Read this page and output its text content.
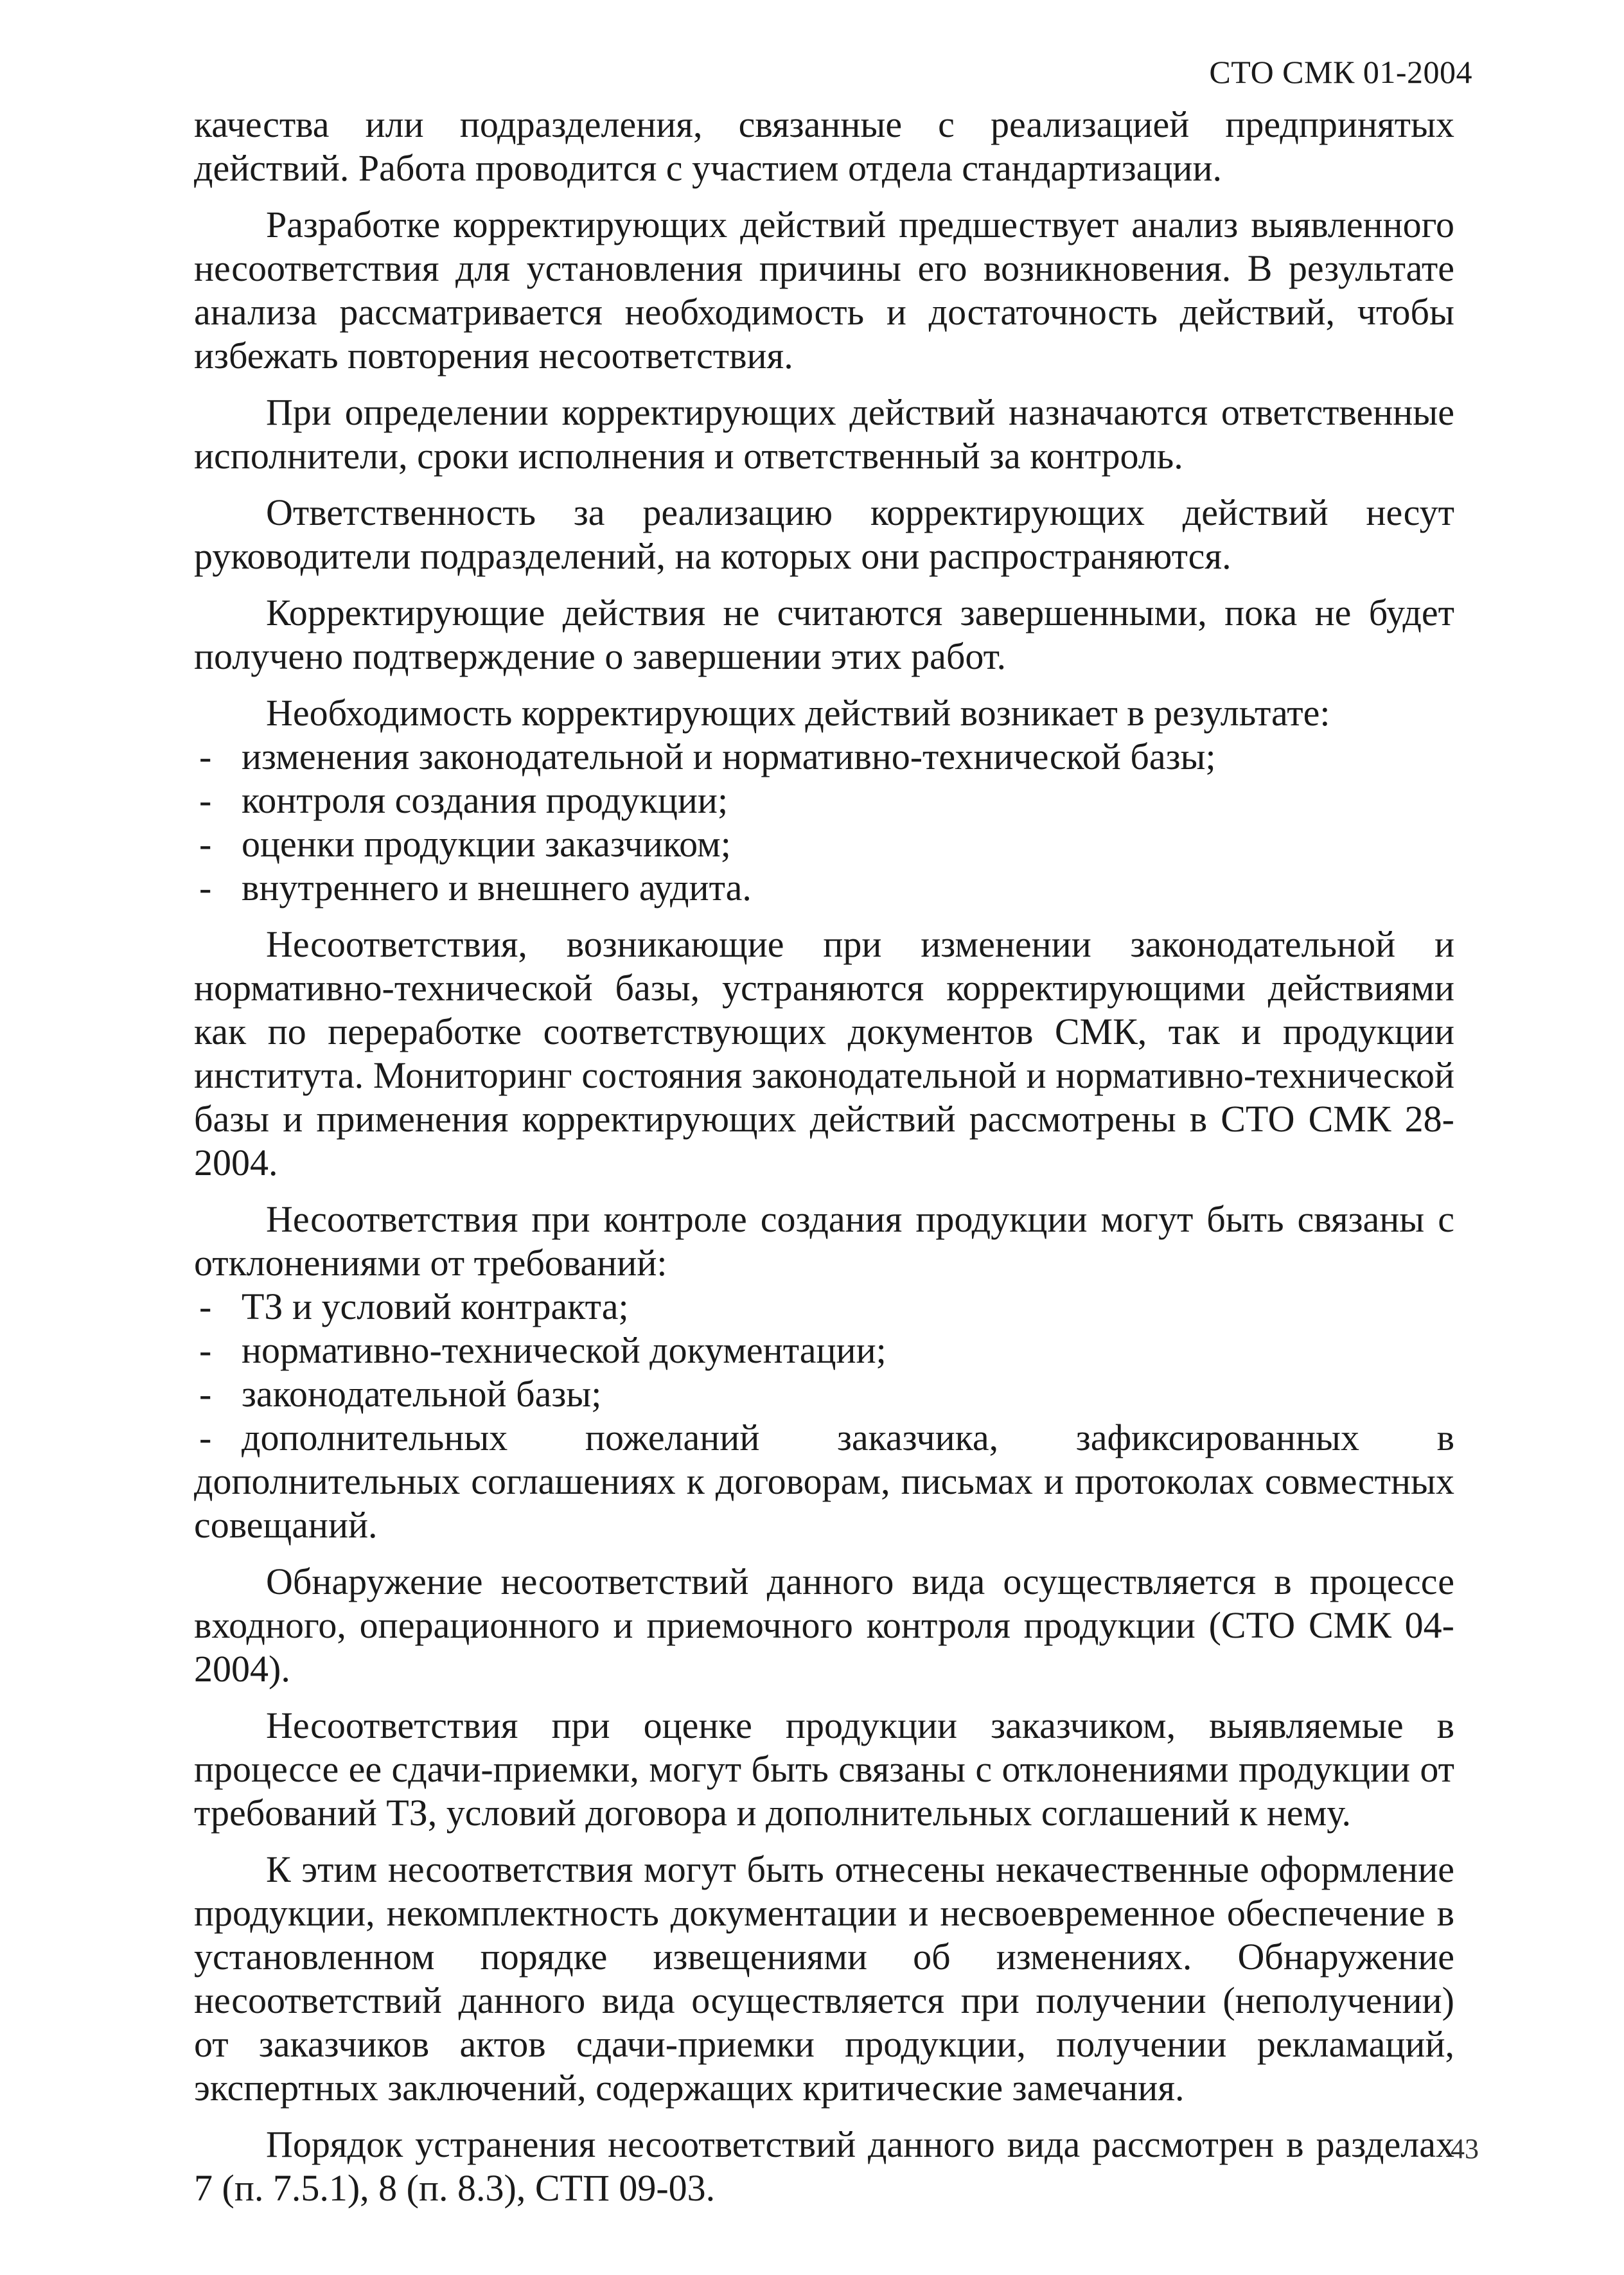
СТО СМК 01-2004

качества или подразделения, связанные с реализацией предпринятых действий. Работа проводится с участием отдела стандартизации.

Разработке корректирующих действий предшествует анализ выявленного несоответствия для установления причины его возникновения. В результате анализа рассматривается необходимость и достаточность действий, чтобы избежать повторения несоответствия.

При определении корректирующих действий назначаются ответственные исполнители, сроки исполнения и ответственный за контроль.

Ответственность за реализацию корректирующих действий несут руководители подразделений, на которых они распространяются.

Корректирующие действия не считаются завершенными, пока не будет получено подтверждение о завершении этих работ.

Необходимость корректирующих действий возникает в результате:

- изменения законодательной и нормативно-технической базы;
- контроля создания продукции;
- оценки продукции заказчиком;
- внутреннего и внешнего аудита.

Несоответствия, возникающие при изменении законодательной и нормативно-технической базы, устраняются корректирующими действиями как по переработке соответствующих документов СМК, так и продукции института. Мониторинг состояния законодательной и нормативно-технической базы и применения корректирующих действий рассмотрены в СТО СМК 28-2004.

Несоответствия при контроле создания продукции могут быть связаны с отклонениями от требований:

- ТЗ и условий контракта;
- нормативно-технической документации;
- законодательной базы;
- дополнительных пожеланий заказчика, зафиксированных в дополнительных соглашениях к договорам, письмах и протоколах совместных совещаний.

Обнаружение несоответствий данного вида осуществляется в процессе входного, операционного и приемочного контроля продукции (СТО СМК 04-2004).

Несоответствия при оценке продукции заказчиком, выявляемые в процессе ее сдачи-приемки, могут быть связаны с отклонениями продукции от требований ТЗ, условий договора и дополнительных соглашений к нему.

К этим несоответствия могут быть отнесены некачественные оформление продукции, некомплектность документации и несвоевременное обеспечение в установленном порядке извещениями об изменениях. Обнаружение несоответствий данного вида осуществляется при получении (неполучении) от заказчиков актов сдачи-приемки продукции, получении рекламаций, экспертных заключений, содержащих критические замечания.

Порядок устранения несоответствий данного вида рассмотрен в разделах 7 (п. 7.5.1), 8 (п. 8.3), СТП 09-03.

43
